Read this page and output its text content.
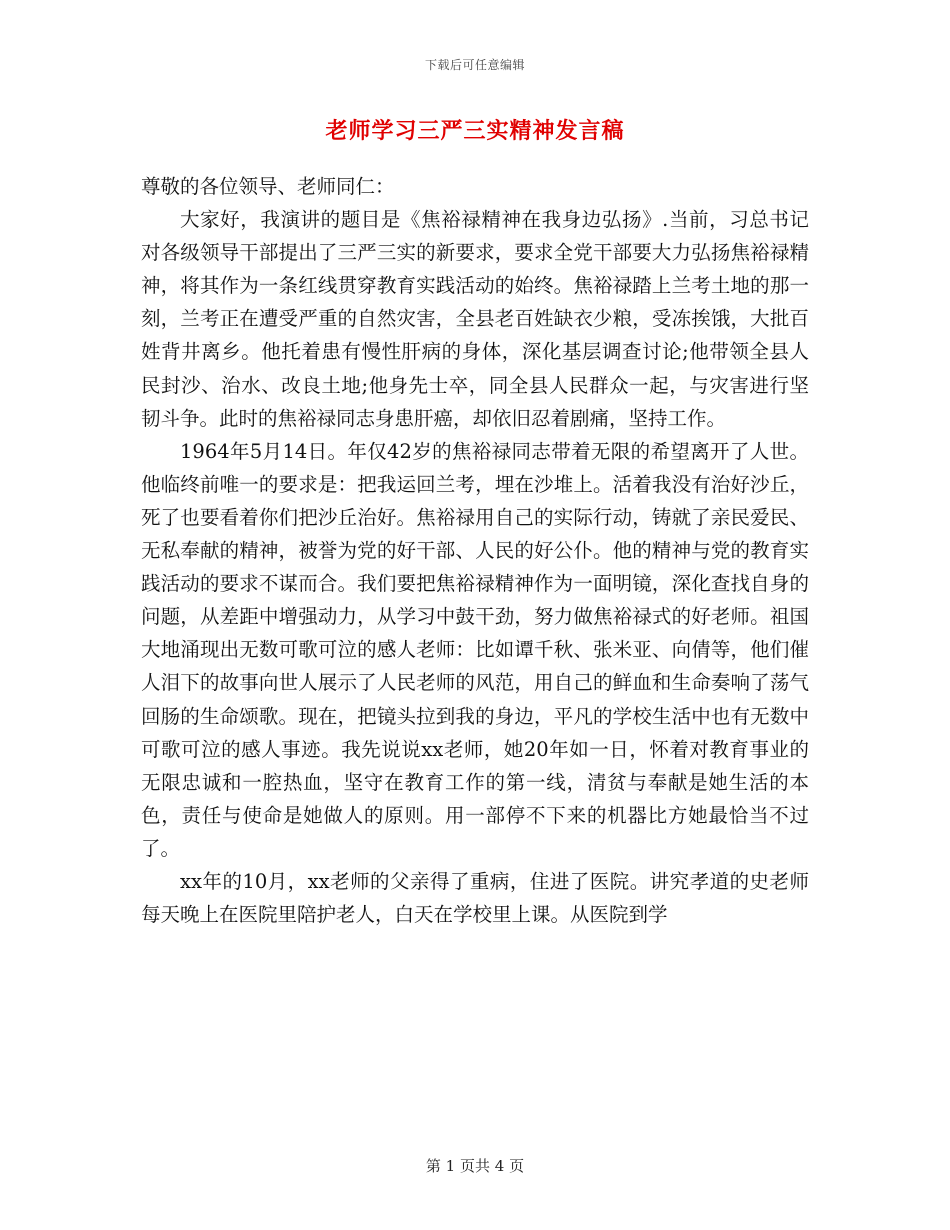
下载后可任意编辑
老师学习三严三实精神发言稿

尊敬的各位领导、老师同仁：

大家好，我演讲的题目是《焦裕禄精神在我身边弘扬》.当前，习总书记对各级领导干部提出了三严三实的新要求，要求全党干部要大力弘扬焦裕禄精神，将其作为一条红线贯穿教育实践活动的始终。焦裕禄踏上兰考土地的那一刻，兰考正在遭受严重的自然灾害，全县老百姓缺衣少粮，受冻挨饿，大批百姓背井离乡。他托着患有慢性肝病的身体，深化基层调查讨论;他带领全县人民封沙、治水、改良土地;他身先士卒，同全县人民群众一起，与灾害进行坚韧斗争。此时的焦裕禄同志身患肝癌，却依旧忍着剧痛，坚持工作。

1964年5月14日。年仅42岁的焦裕禄同志带着无限的希望离开了人世。他临终前唯一的要求是：把我运回兰考，埋在沙堆上。活着我没有治好沙丘，死了也要看着你们把沙丘治好。焦裕禄用自己的实际行动，铸就了亲民爱民、无私奉献的精神，被誉为党的好干部、人民的好公仆。他的精神与党的教育实践活动的要求不谋而合。我们要把焦裕禄精神作为一面明镜，深化查找自身的问题，从差距中增强动力，从学习中鼓干劲，努力做焦裕禄式的好老师。祖国大地涌现出无数可歌可泣的感人老师：比如谭千秋、张米亚、向倩等，他们催人泪下的故事向世人展示了人民老师的风范，用自己的鲜血和生命奏响了荡气回肠的生命颂歌。现在，把镜头拉到我的身边，平凡的学校生活中也有无数中可歌可泣的感人事迹。我先说说xx老师，她20年如一日，怀着对教育事业的无限忠诚和一腔热血，坚守在教育工作的第一线，清贫与奉献是她生活的本色，责任与使命是她做人的原则。用一部停不下来的机器比方她最恰当不过了。

xx年的10月，xx老师的父亲得了重病，住进了医院。讲究孝道的史老师每天晚上在医院里陪护老人，白天在学校里上课。从医院到学

第 1 页共 4 页
